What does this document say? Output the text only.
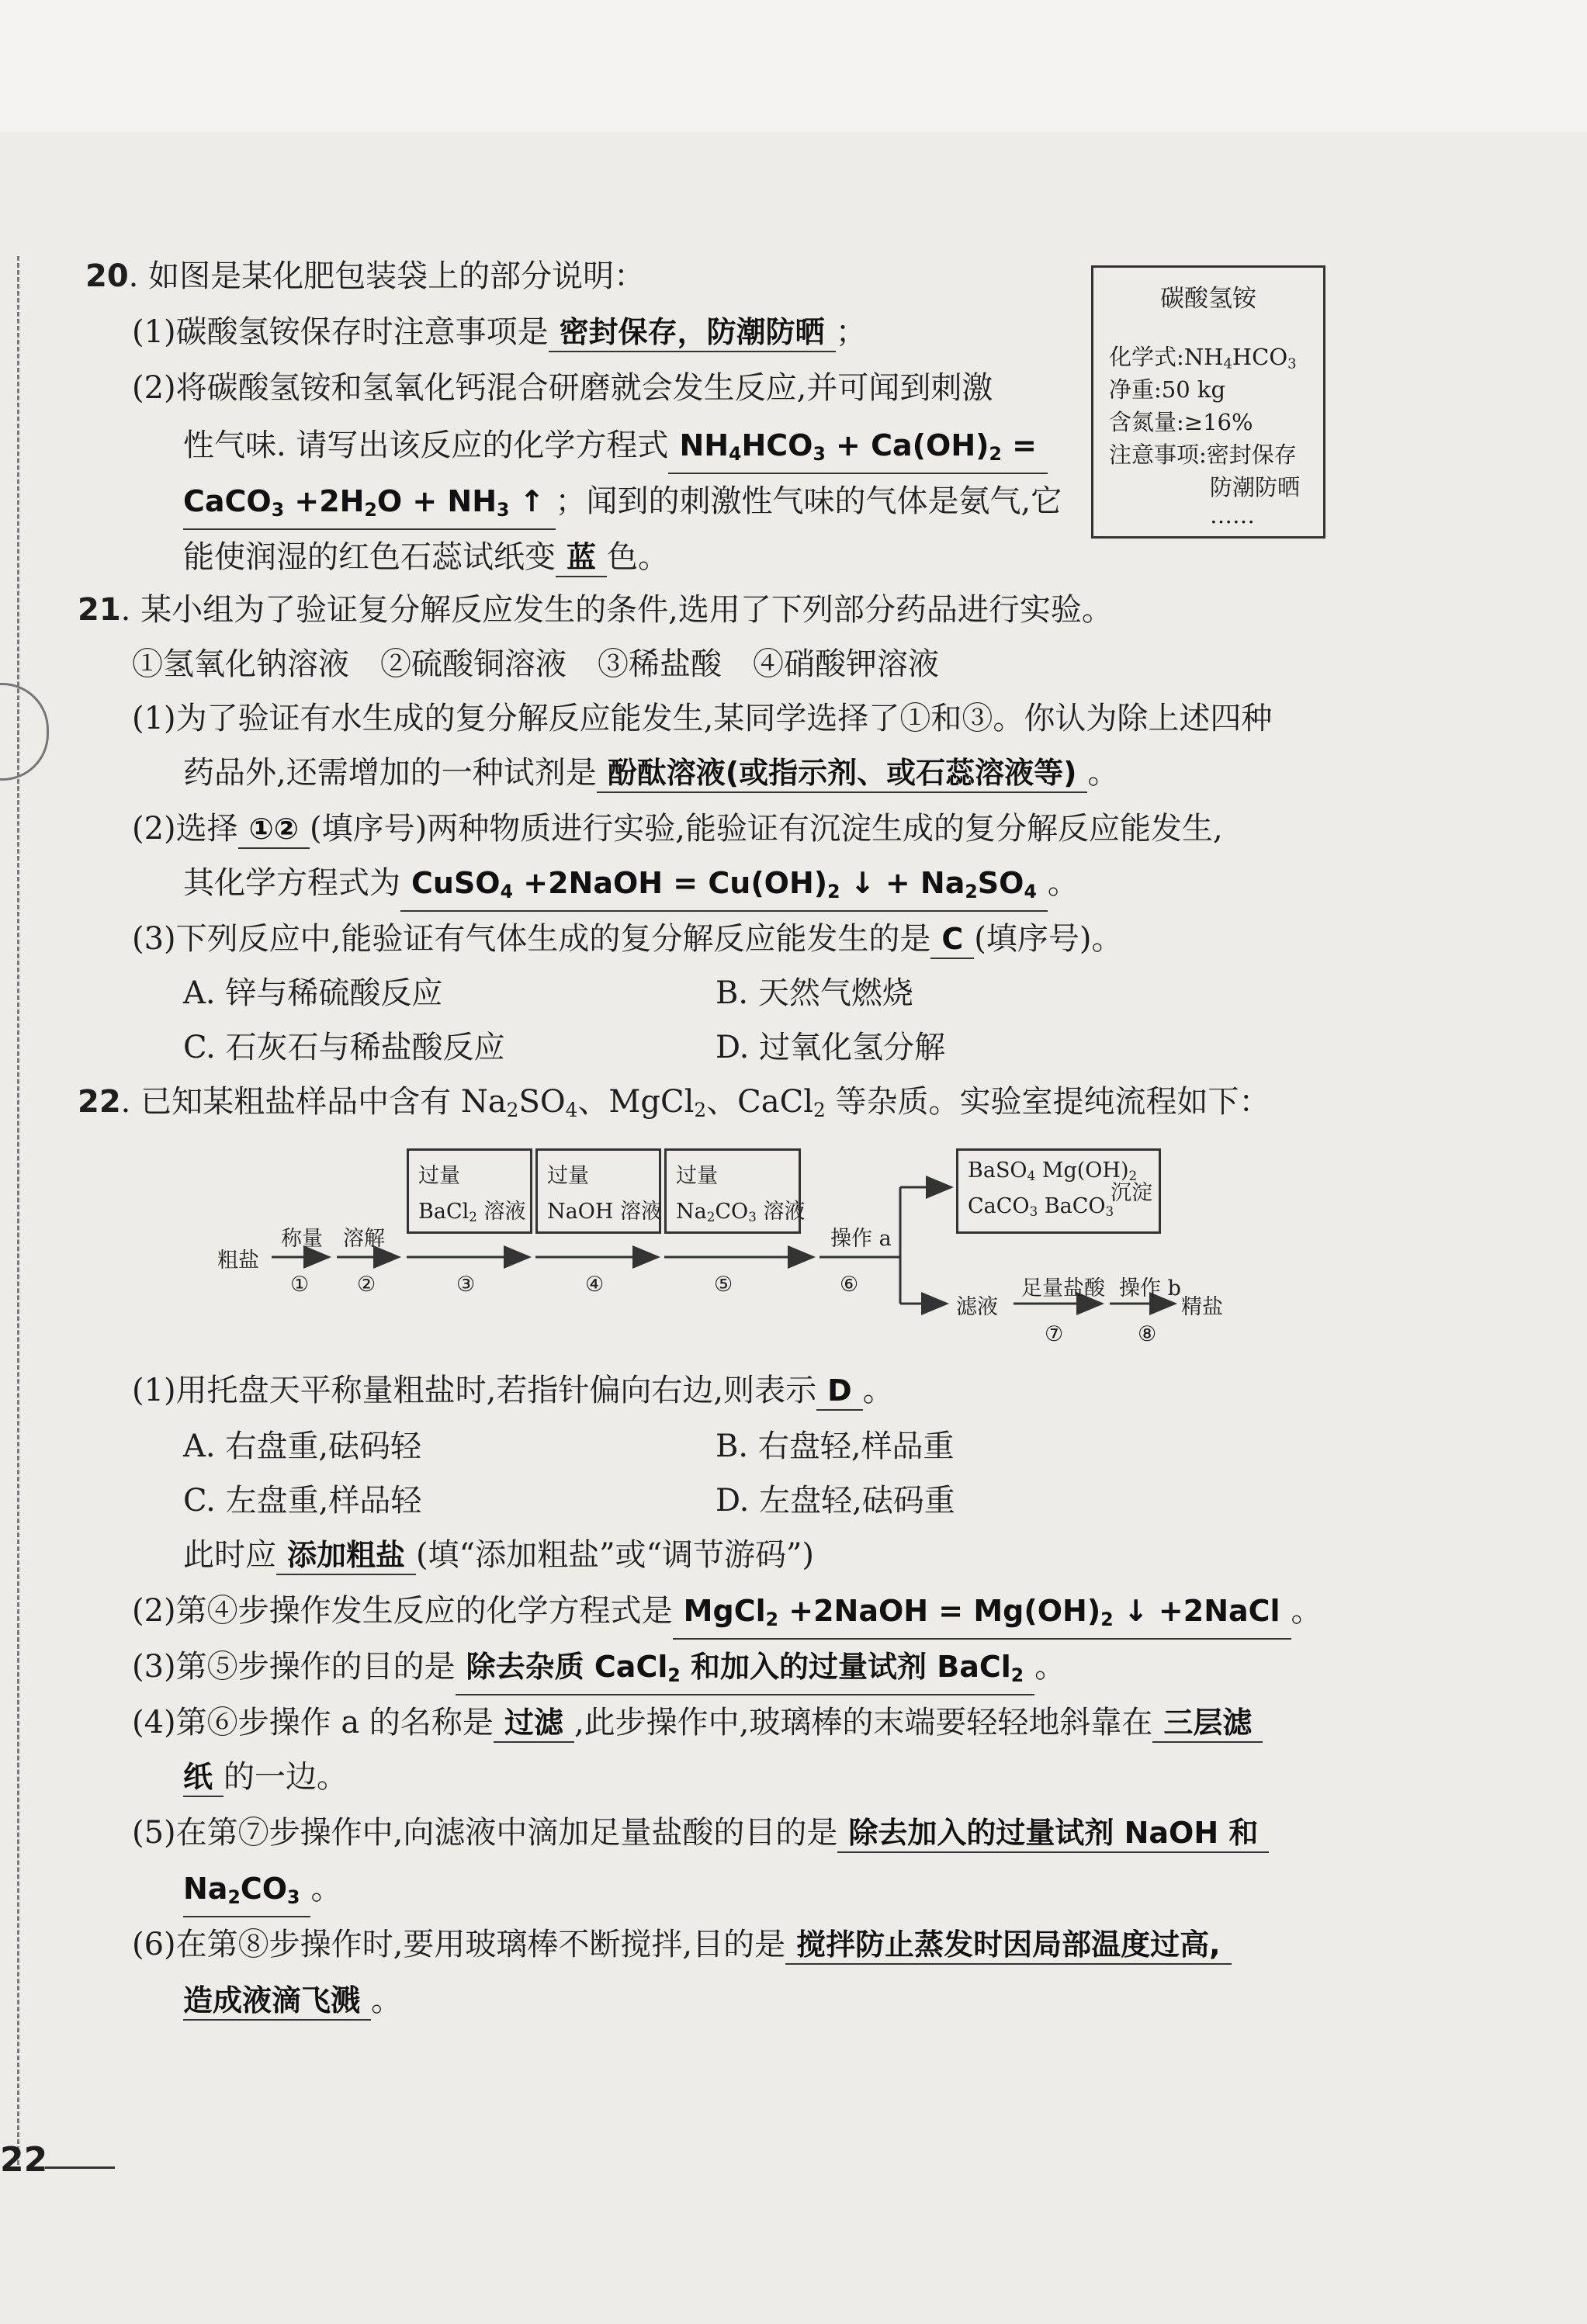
20. 如图是某化肥包装袋上的部分说明：
(1)碳酸氢铵保存时注意事项是 密封保存，防潮防晒 ；
(2)将碳酸氢铵和氢氧化钙混合研磨就会发生反应,并可闻到刺激
性气味. 请写出该反应的化学方程式 $NH_4HCO_3 + Ca(OH)_2$ =
CaCO$_3$ $+2H_2O + NH_3$ ↑ ；闻到的刺激性气味的气体是氨气,它
能使润湿的红色石蕊试纸变 蓝 色。
碳酸氢铵
化学式$:NH_4HCO_3$
净重:50 kg
含氮量:≥16%
注意事项:密封保存
防潮防晒
……
21. 某小组为了验证复分解反应发生的条件,选用了下列部分药品进行实验。
①氢氧化钠溶液　②硫酸铜溶液　③稀盐酸　④硝酸钾溶液
(1)为了验证有水生成的复分解反应能发生,某同学选择了①和③。你认为除上述四种
药品外,还需增加的一种试剂是 酚酞溶液(或指示剂、或石蕊溶液等) 。
(2)选择 ①② (填序号)两种物质进行实验,能验证有沉淀生成的复分解反应能发生,
其化学方程式为 CuSO$_4$ +2NaOH = $Cu(OH)_2$ ↓ + $Na_2SO_4$ 。
(3)下列反应中,能验证有气体生成的复分解反应能发生的是 C (填序号)。
A. 锌与稀硫酸反应	B. 天然气燃烧
C. 石灰石与稀盐酸反应	D. 过氧化氢分解
22. 已知某粗盐样品中含有 $Na_2SO_4$、MgCl$_2$、CaCl$_2$ 等杂质。实验室提纯流程如下：
过量
BaCl$_2$ 溶液
过量
NaOH 溶液
过量
$Na_2CO_3$ 溶液
BaSO$_4$ $Mg(OH)_2$
CaCO$_3$ BaCO$_3$
沉淀
粗盐
称量 溶解	操作 a
滤液
足量盐酸 操作 b
精盐
① ②	③	④	⑤	⑥
⑦	⑧
(1)用托盘天平称量粗盐时,若指针偏向右边,则表示 D 。
A. 右盘重,砝码轻	B. 右盘轻,样品重
C. 左盘重,样品轻	D. 左盘轻,砝码重
此时应 添加粗盐 (填“添加粗盐”或“调节游码”)
(2)第④步操作发生反应的化学方程式是 MgCl$_2$ +2NaOH = $Mg(OH)_2$ ↓ +2NaCl 。
(3)第⑤步操作的目的是 除去杂质 CaCl$_2$ 和加入的过量试剂 BaCl$_2$ 。
(4)第⑥步操作 a 的名称是 过滤 ,此步操作中,玻璃棒的末端要轻轻地斜靠在 三层滤
纸 的一边。
(5)在第⑦步操作中,向滤液中滴加足量盐酸的目的是 除去加入的过量试剂 NaOH 和
$Na_2CO_3$ 。
(6)在第⑧步操作时,要用玻璃棒不断搅拌,目的是 搅拌防止蒸发时因局部温度过高,
造成液滴飞溅 。
22
